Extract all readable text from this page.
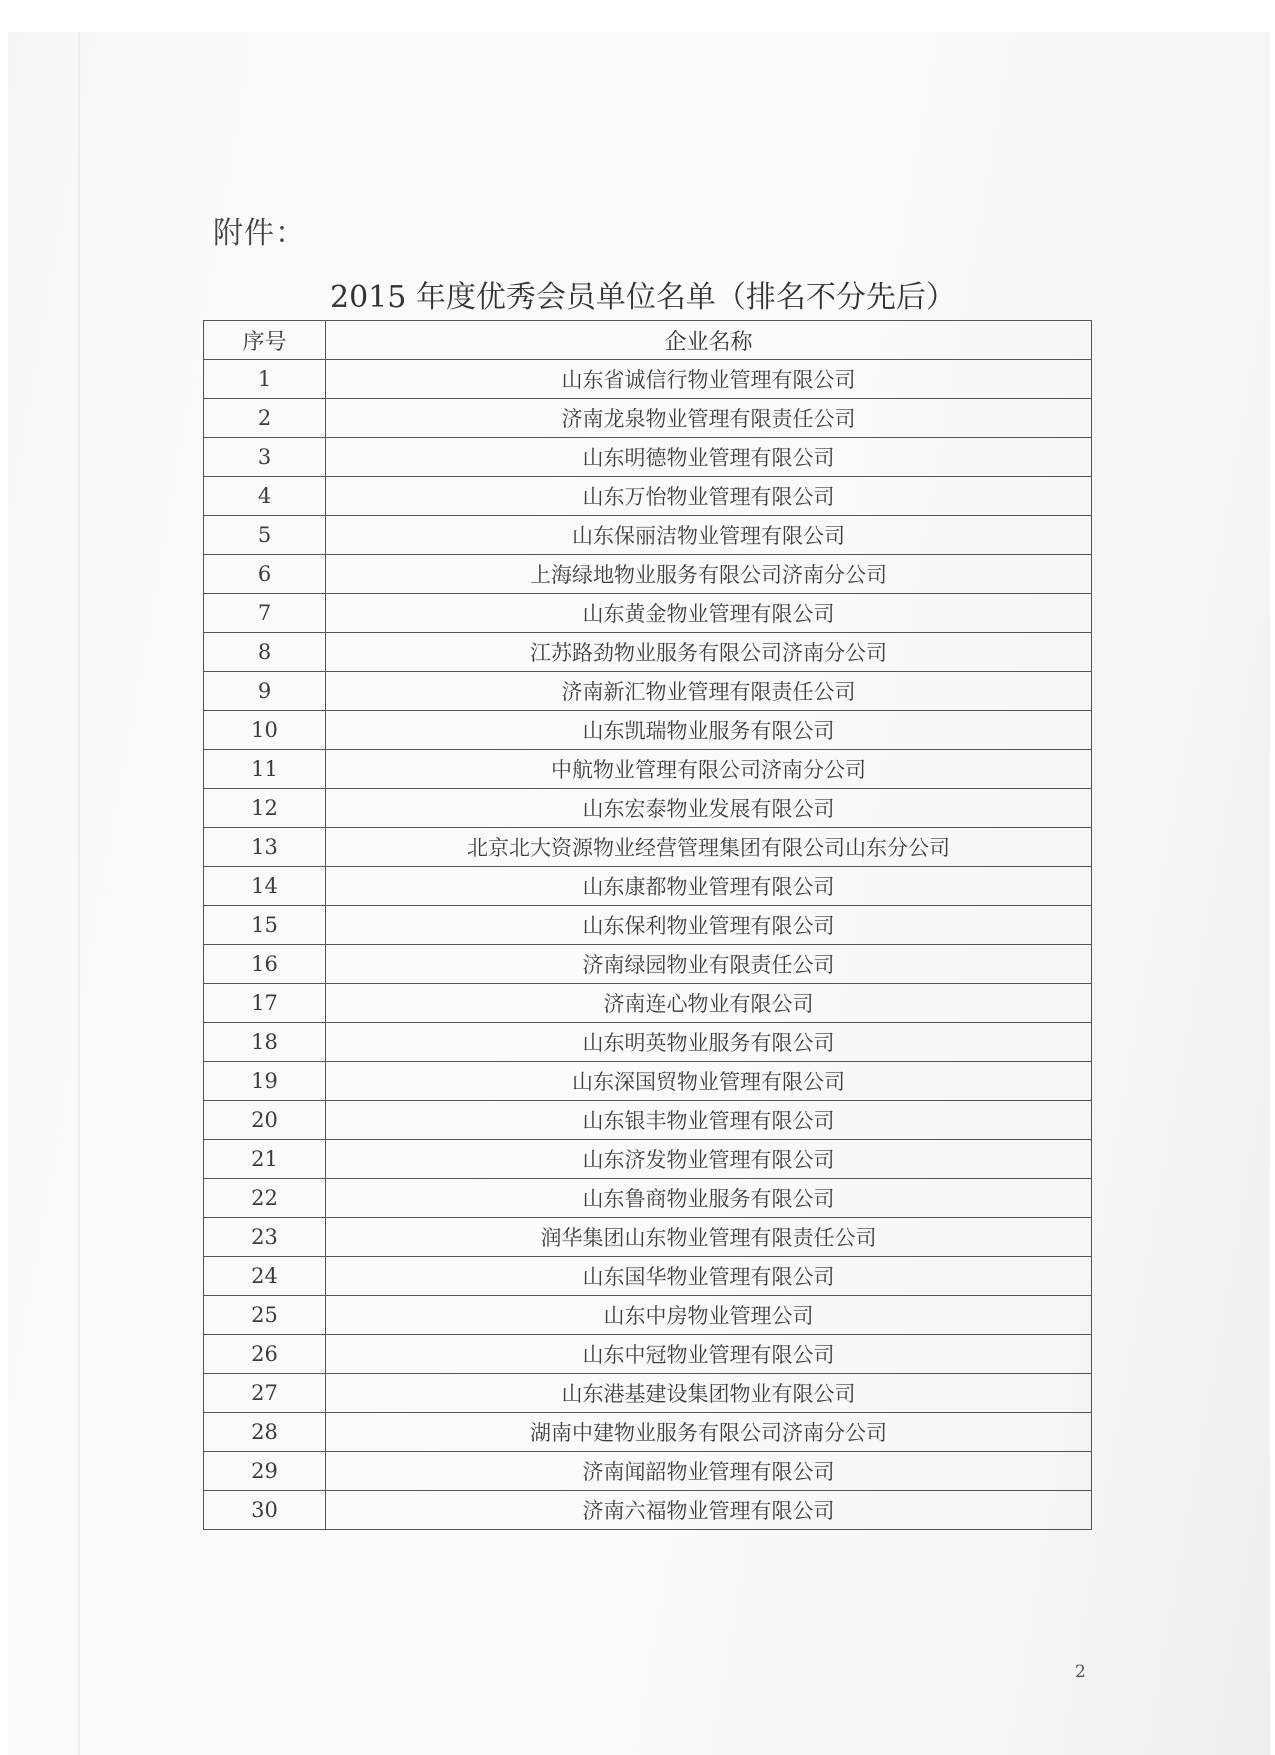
附件：
2015 年度优秀会员单位名单（排名不分先后）
序号	企业名称
1	山东省诚信行物业管理有限公司
2	济南龙泉物业管理有限责任公司
3	山东明德物业管理有限公司
4	山东万怡物业管理有限公司
5	山东保丽洁物业管理有限公司
6	上海绿地物业服务有限公司济南分公司
7	山东黄金物业管理有限公司
8	江苏路劲物业服务有限公司济南分公司
9	济南新汇物业管理有限责任公司
10	山东凯瑞物业服务有限公司
11	中航物业管理有限公司济南分公司
12	山东宏泰物业发展有限公司
13	北京北大资源物业经营管理集团有限公司山东分公司
14	山东康都物业管理有限公司
15	山东保利物业管理有限公司
16	济南绿园物业有限责任公司
17	济南连心物业有限公司
18	山东明英物业服务有限公司
19	山东深国贸物业管理有限公司
20	山东银丰物业管理有限公司
21	山东济发物业管理有限公司
22	山东鲁商物业服务有限公司
23	润华集团山东物业管理有限责任公司
24	山东国华物业管理有限公司
25	山东中房物业管理公司
26	山东中冠物业管理有限公司
27	山东港基建设集团物业有限公司
28	湖南中建物业服务有限公司济南分公司
29	济南闻韶物业管理有限公司
30	济南六福物业管理有限公司
2
